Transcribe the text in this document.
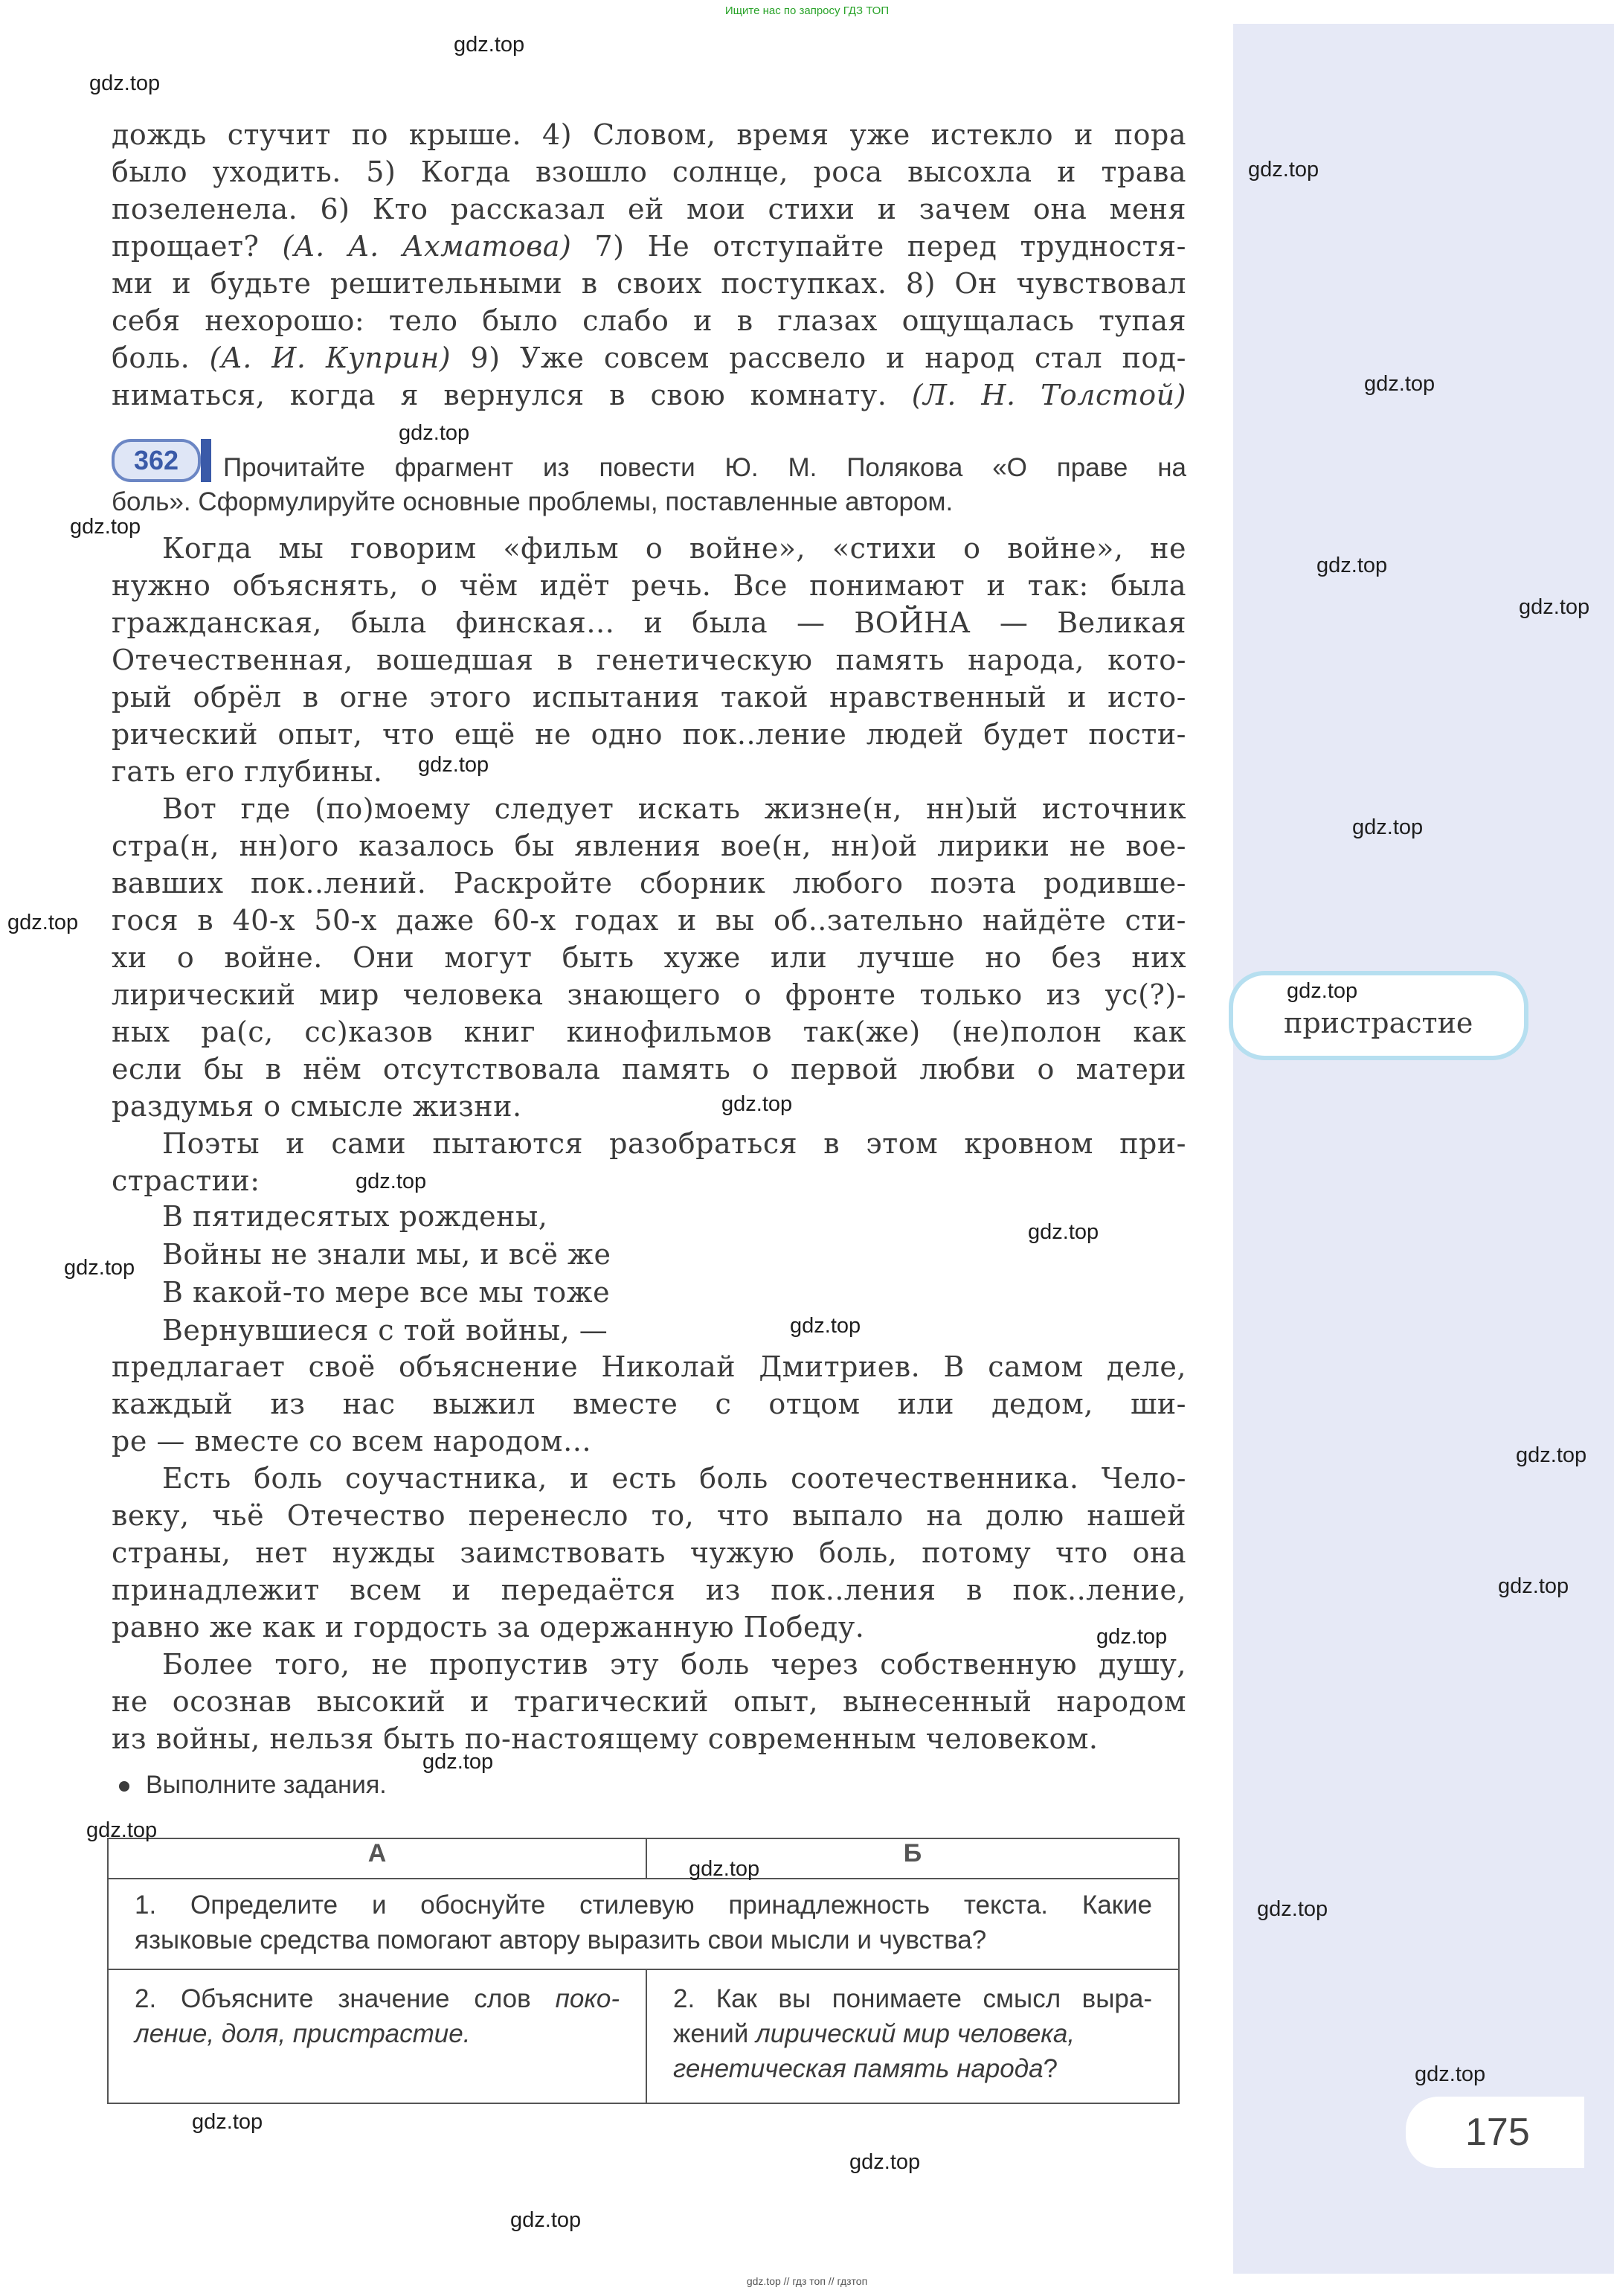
Ищите нас по запросу ГДЗ ТОП
дождь стучит по крыше. 4) Словом, время уже истекло и пора
было уходить. 5) Когда взошло солнце, роса высохла и трава
позеленела. 6) Кто рассказал ей мои стихи и зачем она меня
прощает? (А. А. Ахматова) 7) Не отступайте перед трудностя-
ми и будьте решительными в своих поступках. 8) Он чувствовал
себя нехорошо: тело было слабо и в глазах ощущалась тупая
боль. (А. И. Куприн) 9) Уже совсем рассвело и народ стал под-
ниматься, когда я вернулся в свою комнату. (Л. Н. Толстой)
362	Прочитайте фрагмент из повести Ю. М. Полякова «О праве на
боль». Сформулируйте основные проблемы, поставленные автором.
Когда мы говорим «фильм о войне», «стихи о войне», не
нужно объяснять, о чём идёт речь. Все понимают и так: была
гражданская, была финская… и была — ВОЙНА — Великая
Отечественная, вошедшая в генетическую память народа, кото-
рый обрёл в огне этого испытания такой нравственный и исто-
рический опыт, что ещё не одно пок..ление людей будет пости-
гать его глубины.
Вот где (по)моему следует искать жизне(н, нн)ый источник
стра(н, нн)ого казалось бы явления вое(н, нн)ой лирики не вое-
вавших пок..лений. Раскройте сборник любого поэта родивше-
гося в 40-х 50-х даже 60-х годах и вы об..зательно найдёте сти-
хи о войне. Они могут быть хуже или лучше но без них
лирический мир человека знающего о фронте только из ус(?)-
ных ра(с, сс)казов книг кинофильмов так(же) (не)полон как
если бы в нём отсутствовала память о первой любви о матери
раздумья о смысле жизни.
Поэты и сами пытаются разобраться в этом кровном при-
страстии:
В пятидесятых рождены,
Войны не знали мы, и всё же
В какой-то мере все мы тоже
Вернувшиеся с той войны, —
предлагает своё объяснение Николай Дмитриев. В самом деле,
каждый из нас выжил вместе с отцом или дедом, ши-
ре — вместе со всем народом…
Есть боль соучастника, и есть боль соотечественника. Чело-
веку, чьё Отечество перенесло то, что выпало на долю нашей
страны, нет нужды заимствовать чужую боль, потому что она
принадлежит всем и передаётся из пок..ления в пок..ление,
равно же как и гордость за одержанную Победу.
Более того, не пропустив эту боль через собственную душу,
не осознав высокий и трагический опыт, вынесенный народом
из войны, нельзя быть по-настоящему современным человеком.
Выполните задания.
А	Б

1. Определите и обоснуйте стилевую принадлежность текста. Какие
языковые средства помогают автору выразить свои мысли и чувства?	

2. Объясните значение слов поко-
ление, доля, пристрастие.	2. Как вы понимаете смысл выра-
жений лирический мир человека,
генетическая память народа?
пристрастие
175
gdz.top
gdz.top
gdz.top
gdz.top
gdz.top
gdz.top
gdz.top
gdz.top
gdz.top
gdz.top
gdz.top
gdz.top
gdz.top
gdz.top
gdz.top
gdz.top
gdz.top
gdz.top
gdz.top
gdz.top
gdz.top
gdz.top
gdz.top
gdz.top
gdz.top
gdz.top
gdz.top
gdz.top
gdz.top // гдз топ // гдзтоп
